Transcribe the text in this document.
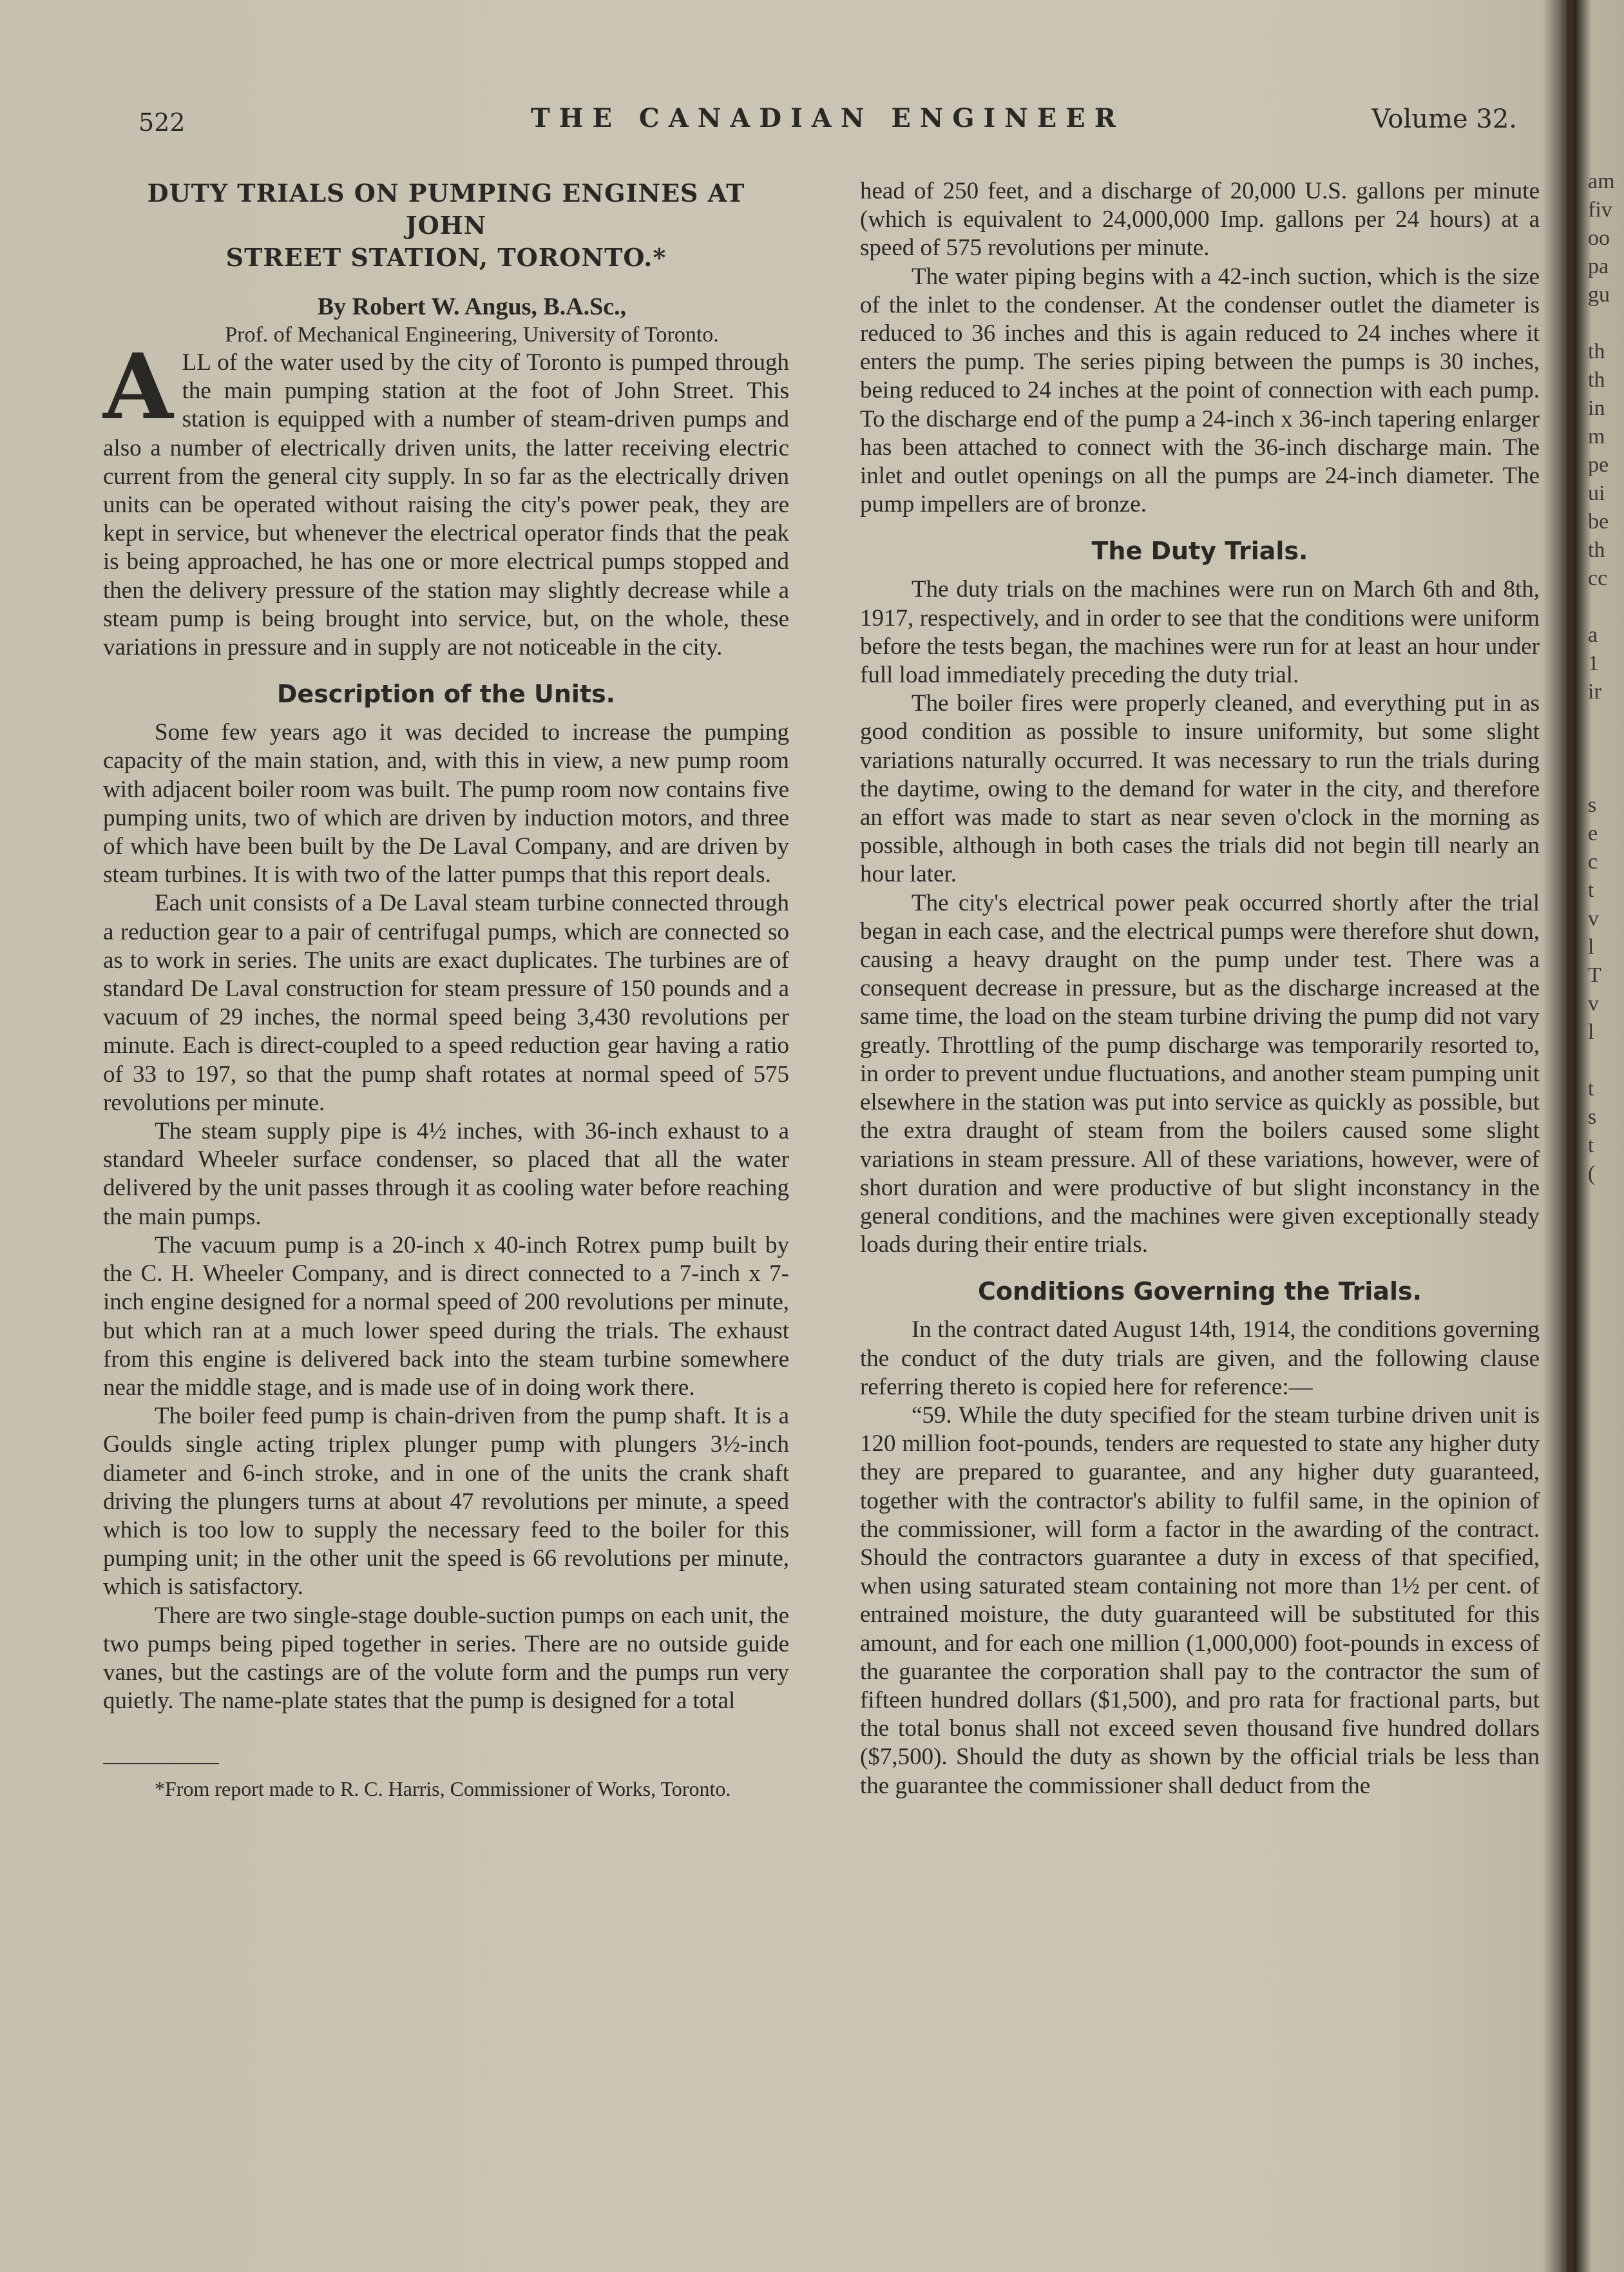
522	THE CANADIAN ENGINEER	Volume 32.
DUTY TRIALS ON PUMPING ENGINES AT JOHN
STREET STATION, TORONTO.*

By Robert W. Angus, B.A.Sc.,

Prof. of Mechanical Engineering, University of Toronto.

ALL of the water used by the city of Toronto is pumped through the main pumping station at the foot of John Street. This station is equipped with a number of steam-driven pumps and also a number of electrically driven units, the latter receiving electric current from the general city supply. In so far as the electrically driven units can be operated without raising the city's power peak, they are kept in service, but whenever the electrical operator finds that the peak is being approached, he has one or more electrical pumps stopped and then the delivery pressure of the station may slightly decrease while a steam pump is being brought into service, but, on the whole, these variations in pressure and in supply are not noticeable in the city.

Description of the Units.

Some few years ago it was decided to increase the pumping capacity of the main station, and, with this in view, a new pump room with adjacent boiler room was built. The pump room now contains five pumping units, two of which are driven by induction motors, and three of which have been built by the De Laval Company, and are driven by steam turbines. It is with two of the latter pumps that this report deals.

Each unit consists of a De Laval steam turbine connected through a reduction gear to a pair of centrifugal pumps, which are connected so as to work in series. The units are exact duplicates. The turbines are of standard De Laval construction for steam pressure of 150 pounds and a vacuum of 29 inches, the normal speed being 3,430 revolutions per minute. Each is direct-coupled to a speed reduction gear having a ratio of 33 to 197, so that the pump shaft rotates at normal speed of 575 revolutions per minute.

The steam supply pipe is 4½ inches, with 36-inch exhaust to a standard Wheeler surface condenser, so placed that all the water delivered by the unit passes through it as cooling water before reaching the main pumps.

The vacuum pump is a 20-inch x 40-inch Rotrex pump built by the C. H. Wheeler Company, and is direct connected to a 7-inch x 7-inch engine designed for a normal speed of 200 revolutions per minute, but which ran at a much lower speed during the trials. The exhaust from this engine is delivered back into the steam turbine somewhere near the middle stage, and is made use of in doing work there.

The boiler feed pump is chain-driven from the pump shaft. It is a Goulds single acting triplex plunger pump with plungers 3½-inch diameter and 6-inch stroke, and in one of the units the crank shaft driving the plungers turns at about 47 revolutions per minute, a speed which is too low to supply the necessary feed to the boiler for this pumping unit; in the other unit the speed is 66 revolutions per minute, which is satisfactory.

There are two single-stage double-suction pumps on each unit, the two pumps being piped together in series. There are no outside guide vanes, but the castings are of the volute form and the pumps run very quietly. The name-plate states that the pump is designed for a total

*From report made to R. C. Harris, Commissioner of Works, Toronto.

head of 250 feet, and a discharge of 20,000 U.S. gallons per minute (which is equivalent to 24,000,000 Imp. gallons per 24 hours) at a speed of 575 revolutions per minute.

The water piping begins with a 42-inch suction, which is the size of the inlet to the condenser. At the condenser outlet the diameter is reduced to 36 inches and this is again reduced to 24 inches where it enters the pump. The series piping between the pumps is 30 inches, being reduced to 24 inches at the point of connection with each pump. To the discharge end of the pump a 24-inch x 36-inch tapering enlarger has been attached to connect with the 36-inch discharge main. The inlet and outlet openings on all the pumps are 24-inch diameter. The pump impellers are of bronze.

The Duty Trials.

The duty trials on the machines were run on March 6th and 8th, 1917, respectively, and in order to see that the conditions were uniform before the tests began, the machines were run for at least an hour under full load immediately preceding the duty trial.

The boiler fires were properly cleaned, and everything put in as good condition as possible to insure uniformity, but some slight variations naturally occurred. It was necessary to run the trials during the daytime, owing to the demand for water in the city, and therefore an effort was made to start as near seven o'clock in the morning as possible, although in both cases the trials did not begin till nearly an hour later.

The city's electrical power peak occurred shortly after the trial began in each case, and the electrical pumps were therefore shut down, causing a heavy draught on the pump under test. There was a consequent decrease in pressure, but as the discharge increased at the same time, the load on the steam turbine driving the pump did not vary greatly. Throttling of the pump discharge was temporarily resorted to, in order to prevent undue fluctuations, and another steam pumping unit elsewhere in the station was put into service as quickly as possible, but the extra draught of steam from the boilers caused some slight variations in steam pressure. All of these variations, however, were of short duration and were productive of but slight inconstancy in the general conditions, and the machines were given exceptionally steady loads during their entire trials.

Conditions Governing the Trials.

In the contract dated August 14th, 1914, the conditions governing the conduct of the duty trials are given, and the following clause referring thereto is copied here for reference:—

“59. While the duty specified for the steam turbine driven unit is 120 million foot-pounds, tenders are requested to state any higher duty they are prepared to guarantee, and any higher duty guaranteed, together with the contractor's ability to fulfil same, in the opinion of the commissioner, will form a factor in the awarding of the contract. Should the contractors guarantee a duty in excess of that specified, when using saturated steam containing not more than 1½ per cent. of entrained moisture, the duty guaranteed will be substituted for this amount, and for each one million (1,000,000) foot-pounds in excess of the guarantee the corporation shall pay to the contractor the sum of fifteen hundred dollars ($1,500), and pro rata for fractional parts, but the total bonus shall not exceed seven thousand five hundred dollars ($7,500). Should the duty as shown by the official trials be less than the guarantee the commissioner shall deduct from the

am
fiv
oo
pa
gu
th
th
in
m
pe
ui
be
th
cc
a
1
ir
s
e
c
t
v
l
T
v
l
t
s
t
(
